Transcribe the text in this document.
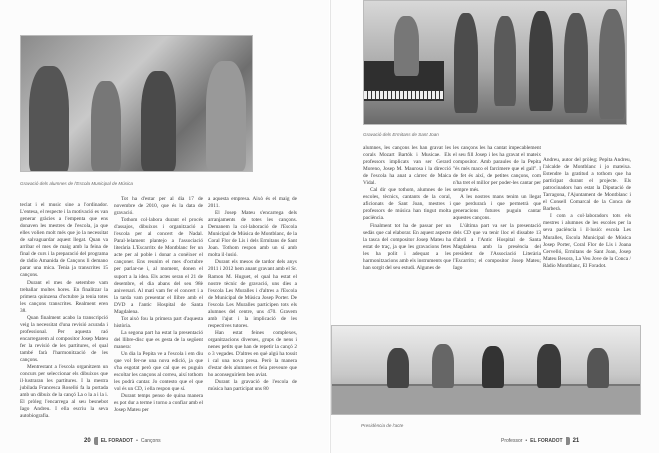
Gravació dels alumnes de l'Escola Municipal de Música

teclat i el music sine a l'ordinador. L'entesa, el respecte i la motivació es van generar gràcies a l'empenta que ens donaven les mestres de l'escola, ja que elles volien molt més que jo la necessitat de salvaguardar aquest llegat. Quan va arribar el mes de maig amb la feina de final de curs i la preparació del programa de ràdio Amanida de Cançons li demano parar una mica. Tenia ja transcrites 15 cançons.

Durant el mes de setembre vam treballar moltes hores. En finalitzar la primera quinzena d'octubre ja tenia totes les cançons transcrites. Realment eren 38.

Quan finalment acabo la transcripció veig la necessitat d'una revisió acurada i professional. Per aquesta raó encarregarem al compositor Josep Mateu fer la revisió de les partitures, el qual també farà l'harmonització de les cançons.

Mentrestant a l'escola organitzem un concurs per seleccionar els dibuixos que il·lustraran les partitures. I la mestra jubilada Francesca Roselló fa la portada amb un dibuix de la cançó La o la a i la i. El pròleg l'encarrega al seu besnebot Iago Andreu. I ella escriu la seva autobiografia.

Tot ha d'estar per al dia 17 de novembre de 2010, que és la data de gravació.

Tothom col·labora durant el procés d'assajos, dibuixos i organització a l'escola per al concert de Nadal. Paral·lelament plantejo a l'associació literària L'Escarritx de Montblanc fer un acte per al poble i donar a conèixer el cançoner. Ens reunim el mes d'octubre per parlar-ne i, al moment, donen el suport a la idea. Els actes seran el 21 de desembre, el dia abans del seu 98è aniversari. Al matí vam fer el concert i a la tarda vam presentar el llibre amb el DVD a l'antic Hospital de Santa Magdalena.

Tot això fou la primera part d'aquesta història.

La segona part ha estat la presentació del llibre-disc que es gesta de la següent manera:

Un dia la Pepita ve a l'escola i em diu que vol fer-ne una nova edició, ja que s'ha esgotat però que cal que es puguin escoltar les cançons al correu, així tothom les podrà cantar. Jo contesto que el que vol és un CD, i ella respon que sí.

Durant temps penso de quina manera es pot dur a terme i torno a confiar amb el Josep Mateu per

a aquesta empresa. Això és el maig de 2011.

El Josep Mateu s'encarrega dels arranjaments de totes les cançons. Demanem la col·laboració de l'Escola Municipal de Música de Montblanc, de la Coral Flor de Lis i dels Ermitans de Sant Joan. Tothom respon amb un sí amb molta il·lusió.

Durant els mesos de tardor dels anys 2011 i 2012 hem anant gravant amb el Sr. Ramon M. Huguet, el qual ha estat el nostre tècnic de gravació, uns dies a l'escola Les Muralles i d'altres a l'Escola de Municipal de Música Josep Porter. De l'escola Les Muralles participen tots els alumnes del centre, uns 470. Gravem amb l'ajut i la implicació de les respectives tutores.

Han estat feines complexes, organitzacions diverses, grups de nens i nenes petits que han de repetir la cançó 2 o 3 vegades. D'altres en què algú ha tossit i cal una nova presa. Però la manera d'estar dels alumnes et feia preveure que ho aconseguiríem ben aviat.

Durant la gravació de l'escola de música han participat uns 80

20 EL FORADOT • Cançons
Gravació dels Ermitans de Sant Joan

alumnes, les cançons les han gravat les corals Mozart Bartók i Musicae. Els professors implicats van ser Gerard Moreno, Josep M. Maurosa i la direcció de l'escola ha anat a càrrec de Maica Vidal.

Cal dir que tothom, alumnes de les escoles, tècnics, cantants de la coral, aficionats de Sant Joan, mestres i professors de música han tingut molta paciència.

Finalment tot ha de passar per un sedàs que cal elaborar. En aquest aspecte la tasca del compositor Josep Mateu ha estat de traç, ja que les gravacions fetes les ha polit i adequat a les harmonitzacions amb els instruments que han sorgit del seu estudi. Algunes de

les cançons les ha cantat impecablement el seu fill Josep i les ha gravat el mateix compositor. Amb paraules de la Pepita "és més maco el farcimere que el gall". I de fet és així, de petites cançons, com n'ha tret el millor per poder-les cantar per sempre més.

A les nostres mans tenim un llegat que perdurarà i que permetrà que generacions futures puguin cantar aquestes cançons.

L'última part va ser la presentació dels CD que va tenir lloc el dissabte 13 d'abril a l'Antic Hospital de Santa Magdalena amb la presència del president de l'Associació Literària l'Escarritx; el compositor Josep Mateu; Iago

Andreu, autor del pròleg; Pepita Andreu, l'alcalde de Montblanc i jo mateixa. Estendre la gratitud a tothom que ha participat durant el projecte. Els patrocinadors han estat la Diputació de Tarragona, l'Ajuntament de Montblanc i el Consell Comarcal de la Conca de Barberà.

I com a col·laboradors tots els mestres i alumnes de les escoles per la seva paciència i il·lusió: escola Les Muralles, Escola Municipal de Música Josep Porter, Coral Flor de Lis i Joana Cervelló, Ermitans de Sant Joan, Josep Mateu Besora, La Veu Jove de la Conca / Ràdio Montblanc, El Foradot.

Presidència de l'acte
Professor • EL FORADOT 21
